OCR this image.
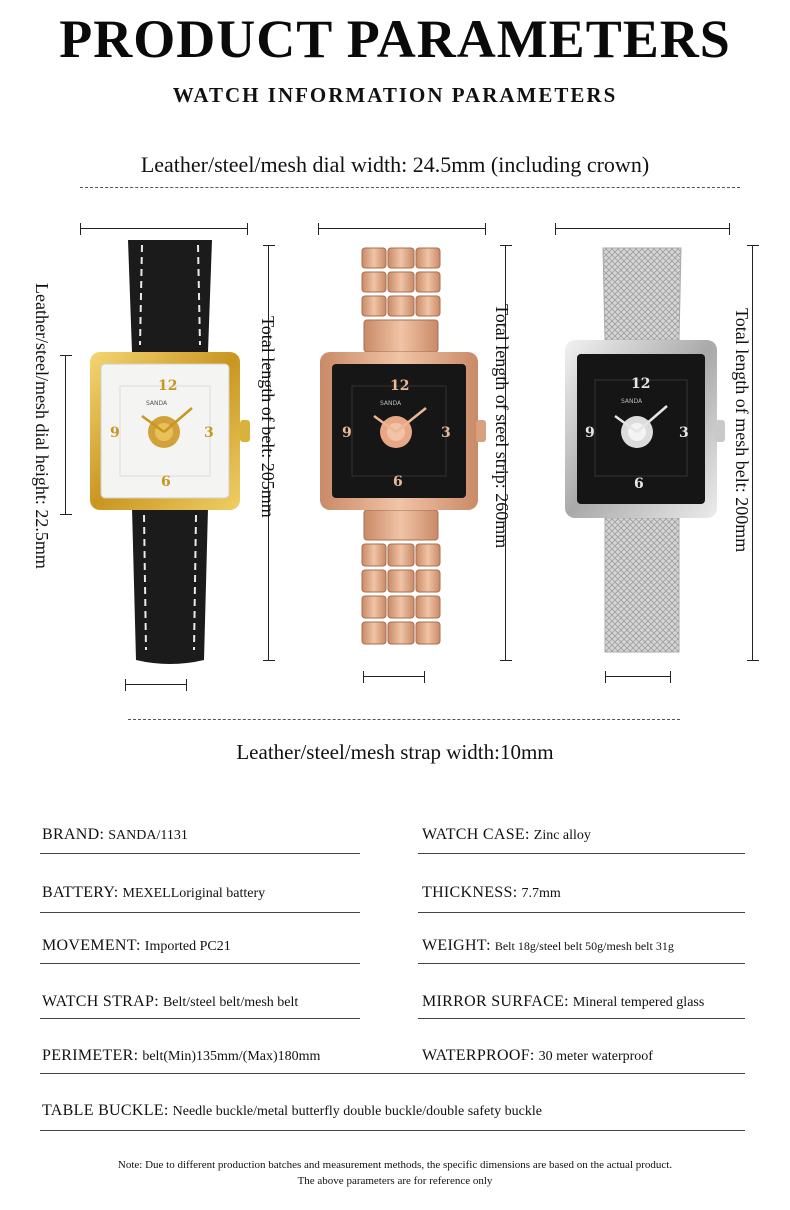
PRODUCT PARAMETERS
WATCH INFORMATION PARAMETERS
Leather/steel/mesh dial width: 24.5mm (including crown)
Leather/steel/mesh dial height: 22.5mm	Total length of belt: 205mm	Total length of steel strip: 260mm	Total length of mesh belt: 200mm
12
3
6
9
SANDA
12
3
6
9
SANDA
12
3
6
9
SANDA
Leather/steel/mesh strap width:10mm
BRAND: SANDA/1131	WATCH CASE: Zinc alloy
BATTERY: MEXELLoriginal battery	THICKNESS: 7.7mm
MOVEMENT: Imported PC21	WEIGHT: Belt 18g/steel belt 50g/mesh belt 31g
WATCH STRAP: Belt/steel belt/mesh belt	MIRROR SURFACE: Mineral tempered glass
PERIMETER: belt(Min)135mm/(Max)180mm	WATERPROOF: 30 meter waterproof
TABLE BUCKLE: Needle buckle/metal butterfly double buckle/double safety buckle
Note: Due to different production batches and measurement methods, the specific dimensions are based on the actual product.
The above parameters are for reference only
